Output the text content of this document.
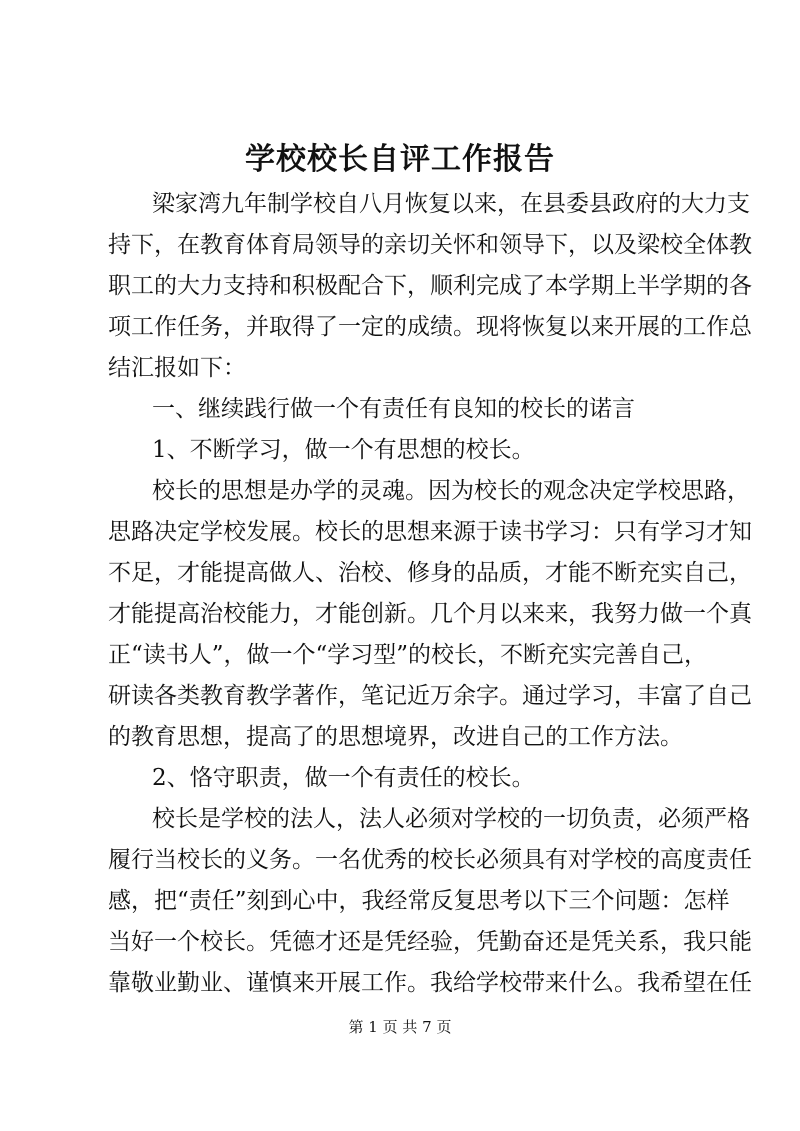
学校校长自评工作报告

梁家湾九年制学校自八月恢复以来，在县委县政府的大力支

持下，在教育体育局领导的亲切关怀和领导下，以及梁校全体教

职工的大力支持和积极配合下，顺利完成了本学期上半学期的各

项工作任务，并取得了一定的成绩。现将恢复以来开展的工作总

结汇报如下：

一、继续践行做一个有责任有良知的校长的诺言

1、不断学习，做一个有思想的校长。

校长的思想是办学的灵魂。因为校长的观念决定学校思路，

思路决定学校发展。校长的思想来源于读书学习：只有学习才知

不足，才能提高做人、治校、修身的品质，才能不断充实自己，

才能提高治校能力，才能创新。几个月以来来，我努力做一个真

正“读书人”，做一个“学习型”的校长，不断充实完善自己，

研读各类教育教学著作，笔记近万余字。通过学习，丰富了自己

的教育思想，提高了的思想境界，改进自己的工作方法。

2、恪守职责，做一个有责任的校长。

校长是学校的法人，法人必须对学校的一切负责，必须严格

履行当校长的义务。一名优秀的校长必须具有对学校的高度责任

感，把“责任”刻到心中，我经常反复思考以下三个问题：怎样

当好一个校长。凭德才还是凭经验，凭勤奋还是凭关系，我只能

靠敬业勤业、谨慎来开展工作。我给学校带来什么。我希望在任

第 1 页 共 7 页
